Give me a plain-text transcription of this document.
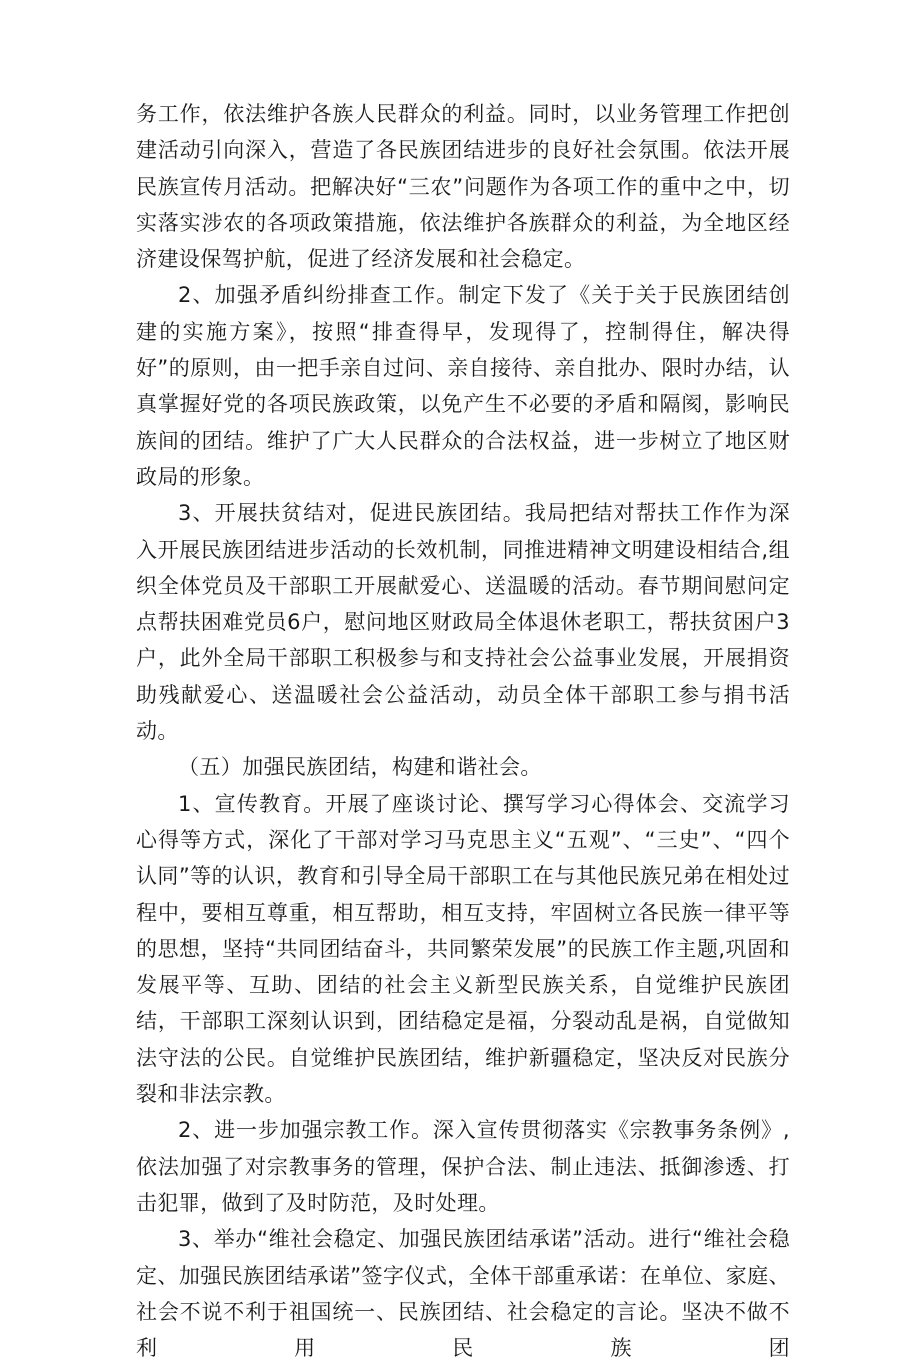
务工作，依法维护各族人民群众的利益。同时，以业务管理工作把创建活动引向深入，营造了各民族团结进步的良好社会氛围。依法开展民族宣传月活动。把解决好“三农”问题作为各项工作的重中之中，切实落实涉农的各项政策措施，依法维护各族群众的利益，为全地区经济建设保驾护航，促进了经济发展和社会稳定。

2、加强矛盾纠纷排查工作。制定下发了《关于关于民族团结创建的实施方案》，按照“排查得早，发现得了，控制得住，解决得好”的原则，由一把手亲自过问、亲自接待、亲自批办、限时办结，认真掌握好党的各项民族政策，以免产生不必要的矛盾和隔阂，影响民族间的团结。维护了广大人民群众的合法权益，进一步树立了地区财政局的形象。

3、开展扶贫结对，促进民族团结。我局把结对帮扶工作作为深入开展民族团结进步活动的长效机制，同推进精神文明建设相结合,组织全体党员及干部职工开展献爱心、送温暖的活动。春节期间慰问定点帮扶困难党员6户，慰问地区财政局全体退休老职工，帮扶贫困户3户，此外全局干部职工积极参与和支持社会公益事业发展，开展捐资助残献爱心、送温暖社会公益活动，动员全体干部职工参与捐书活动。

（五）加强民族团结，构建和谐社会。

1、宣传教育。开展了座谈讨论、撰写学习心得体会、交流学习心得等方式，深化了干部对学习马克思主义“五观”、“三史”、“四个认同”等的认识，教育和引导全局干部职工在与其他民族兄弟在相处过程中，要相互尊重，相互帮助，相互支持，牢固树立各民族一律平等的思想，坚持“共同团结奋斗，共同繁荣发展”的民族工作主题,巩固和发展平等、互助、团结的社会主义新型民族关系，自觉维护民族团结，干部职工深刻认识到，团结稳定是福，分裂动乱是祸，自觉做知法守法的公民。自觉维护民族团结，维护新疆稳定，坚决反对民族分裂和非法宗教。

2、进一步加强宗教工作。深入宣传贯彻落实《宗教事务条例》,依法加强了对宗教事务的管理，保护合法、制止违法、抵御渗透、打击犯罪，做到了及时防范，及时处理。

3、举办“维社会稳定、加强民族团结承诺”活动。进行“维社会稳定、加强民族团结承诺”签字仪式，全体干部重承诺：在单位、家庭、社会不说不利于祖国统一、民族团结、社会稳定的言论。坚决不做不利用民族团
